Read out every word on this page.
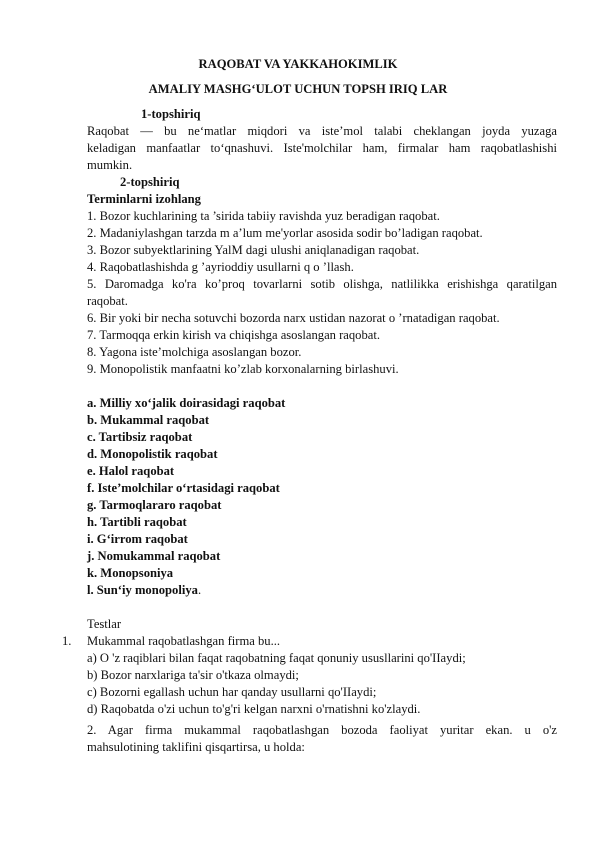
RAQOBAT VA YAKKAHOKIMLIK
AMALIY MASHG‘ULOT UCHUN TOPSH IRIQ LAR
1-topshiriq
Raqobat — bu ne‘matlar miqdori va iste’mol talabi cheklangan joyda yuzaga
keladigan manfaatlar to‘qnashuvi. Iste'molchilar ham, firmalar ham raqobatlashishi
mumkin.
2-topshiriq
Terminlarni izohlang
1. Bozor kuchlarining ta ’sirida tabiiy ravishda yuz beradigan raqobat.
2. Madaniylashgan tarzda m a’lum me'yorlar asosida sodir bo’ladigan raqobat.
3. Bozor subyektlarining YalM dagi ulushi aniqlanadigan raqobat.
4. Raqobatlashishda g ’ayrioddiy usullarni q o ’llash.
5. Daromadga ko'ra ko’proq tovarlarni sotib olishga, natlilikka erishishga qaratilgan
raqobat.
6. Bir yoki bir necha sotuvchi bozorda narx ustidan nazorat o ’rnatadigan raqobat.
7. Tarmoqqa erkin kirish va chiqishga asoslangan raqobat.
8. Yagona iste’molchiga asoslangan bozor.
9. Monopolistik manfaatni ko’zlab korxonalarning birlashuvi.
a. Milliy xo‘jalik doirasidagi raqobat
b. Mukammal raqobat
c. Tartibsiz raqobat
d. Monopolistik raqobat
e. Halol raqobat
f. Iste’molchilar o‘rtasidagi raqobat
g. Tarmoqlararo raqobat
h. Tartibli raqobat
i. G‘irrom raqobat
j. Nomukammal raqobat
k. Monopsoniya
l. Sun‘iy monopoliya.
Testlar
1. Mukammal raqobatlashgan firma bu...
a) O 'z raqiblari bilan faqat raqobatning faqat qonuniy ususllarini qo'IIaydi;
b) Bozor narxlariga ta'sir o'tkaza olmaydi;
c) Bozorni egallash uchun har qanday usullarni qo'IIaydi;
d) Raqobatda o'zi uchun to'g'ri kelgan narxni o'rnatishni ko'zlaydi.
2. Agar firma mukammal raqobatlashgan bozoda faoliyat yuritar ekan. u o'z
mahsulotining taklifini qisqartirsa, u holda:
